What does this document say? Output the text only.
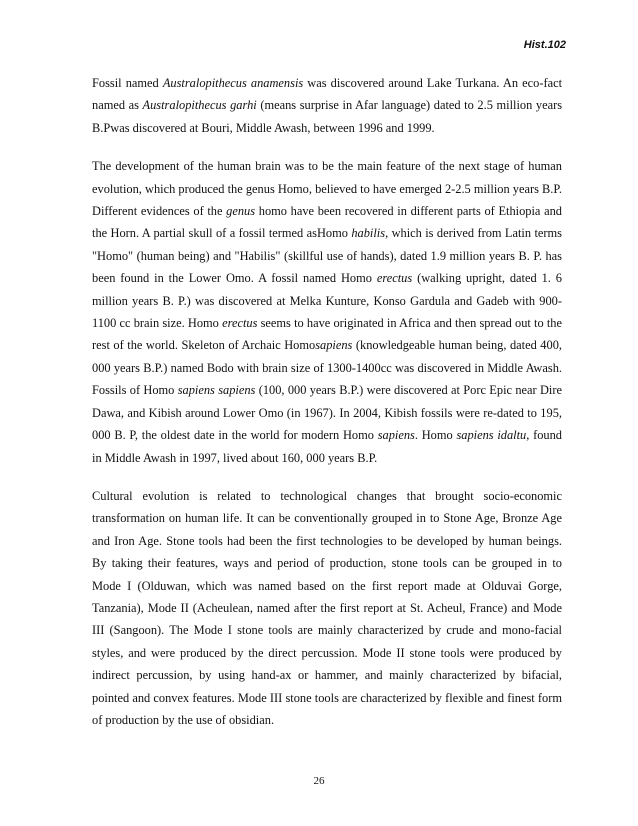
Hist.102

Fossil named Australopithecus anamensis was discovered around Lake Turkana. An eco-fact named as Australopithecus garhi (means surprise in Afar language) dated to 2.5 million years B.Pwas discovered at Bouri, Middle Awash, between 1996 and 1999.

The development of the human brain was to be the main feature of the next stage of human evolution, which produced the genus Homo, believed to have emerged 2-2.5 million years B.P. Different evidences of the genus homo have been recovered in different parts of Ethiopia and the Horn. A partial skull of a fossil termed asHomo habilis, which is derived from Latin terms "Homo" (human being) and "Habilis" (skillful use of hands), dated 1.9 million years B. P. has been found in the Lower Omo. A fossil named Homo erectus (walking upright, dated 1. 6 million years B. P.) was discovered at Melka Kunture, Konso Gardula and Gadeb with 900-1100 cc brain size. Homo erectus seems to have originated in Africa and then spread out to the rest of the world. Skeleton of Archaic Homosapiens (knowledgeable human being, dated 400, 000 years B.P.) named Bodo with brain size of 1300-1400cc was discovered in Middle Awash. Fossils of Homo sapiens sapiens (100, 000 years B.P.) were discovered at Porc Epic near Dire Dawa, and Kibish around Lower Omo (in 1967). In 2004, Kibish fossils were re-dated to 195, 000 B. P, the oldest date in the world for modern Homo sapiens. Homo sapiens idaltu, found in Middle Awash in 1997, lived about 160, 000 years B.P.

Cultural evolution is related to technological changes that brought socio-economic transformation on human life. It can be conventionally grouped in to Stone Age, Bronze Age and Iron Age. Stone tools had been the first technologies to be developed by human beings. By taking their features, ways and period of production, stone tools can be grouped in to Mode I (Olduwan, which was named based on the first report made at Olduvai Gorge, Tanzania), Mode II (Acheulean, named after the first report at St. Acheul, France) and Mode III (Sangoon). The Mode I stone tools are mainly characterized by crude and mono-facial styles, and were produced by the direct percussion. Mode II stone tools were produced by indirect percussion, by using hand-ax or hammer, and mainly characterized by bifacial, pointed and convex features. Mode III stone tools are characterized by flexible and finest form of production by the use of obsidian.

26
